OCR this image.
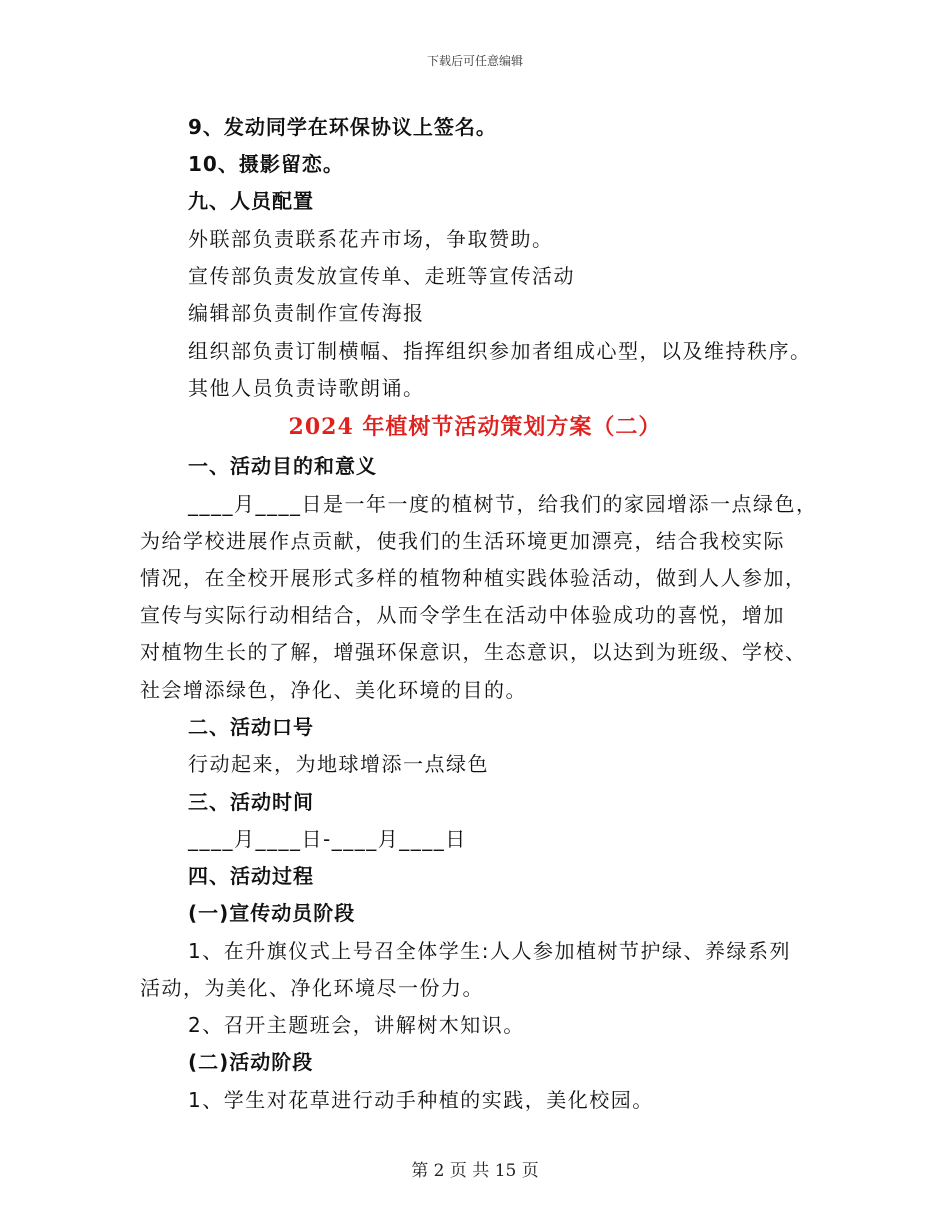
下载后可任意编辑
9、发动同学在环保协议上签名。
10、摄影留恋。
九、人员配置
外联部负责联系花卉市场，争取赞助。
宣传部负责发放宣传单、走班等宣传活动
编辑部负责制作宣传海报
组织部负责订制横幅、指挥组织参加者组成心型，以及维持秩序。
其他人员负责诗歌朗诵。
2024 年植树节活动策划方案（二）
一、活动目的和意义
____月____日是一年一度的植树节，给我们的家园增添一点绿色，
为给学校进展作点贡献，使我们的生活环境更加漂亮，结合我校实际
情况，在全校开展形式多样的植物种植实践体验活动，做到人人参加，
宣传与实际行动相结合，从而令学生在活动中体验成功的喜悦，增加
对植物生长的了解，增强环保意识，生态意识，以达到为班级、学校、
社会增添绿色，净化、美化环境的目的。
二、活动口号
行动起来，为地球增添一点绿色
三、活动时间
____月____日-____月____日
四、活动过程
(一)宣传动员阶段
1、在升旗仪式上号召全体学生:人人参加植树节护绿、养绿系列
活动，为美化、净化环境尽一份力。
2、召开主题班会，讲解树木知识。
(二)活动阶段
1、学生对花草进行动手种植的实践，美化校园。
第 2 页 共 15 页
